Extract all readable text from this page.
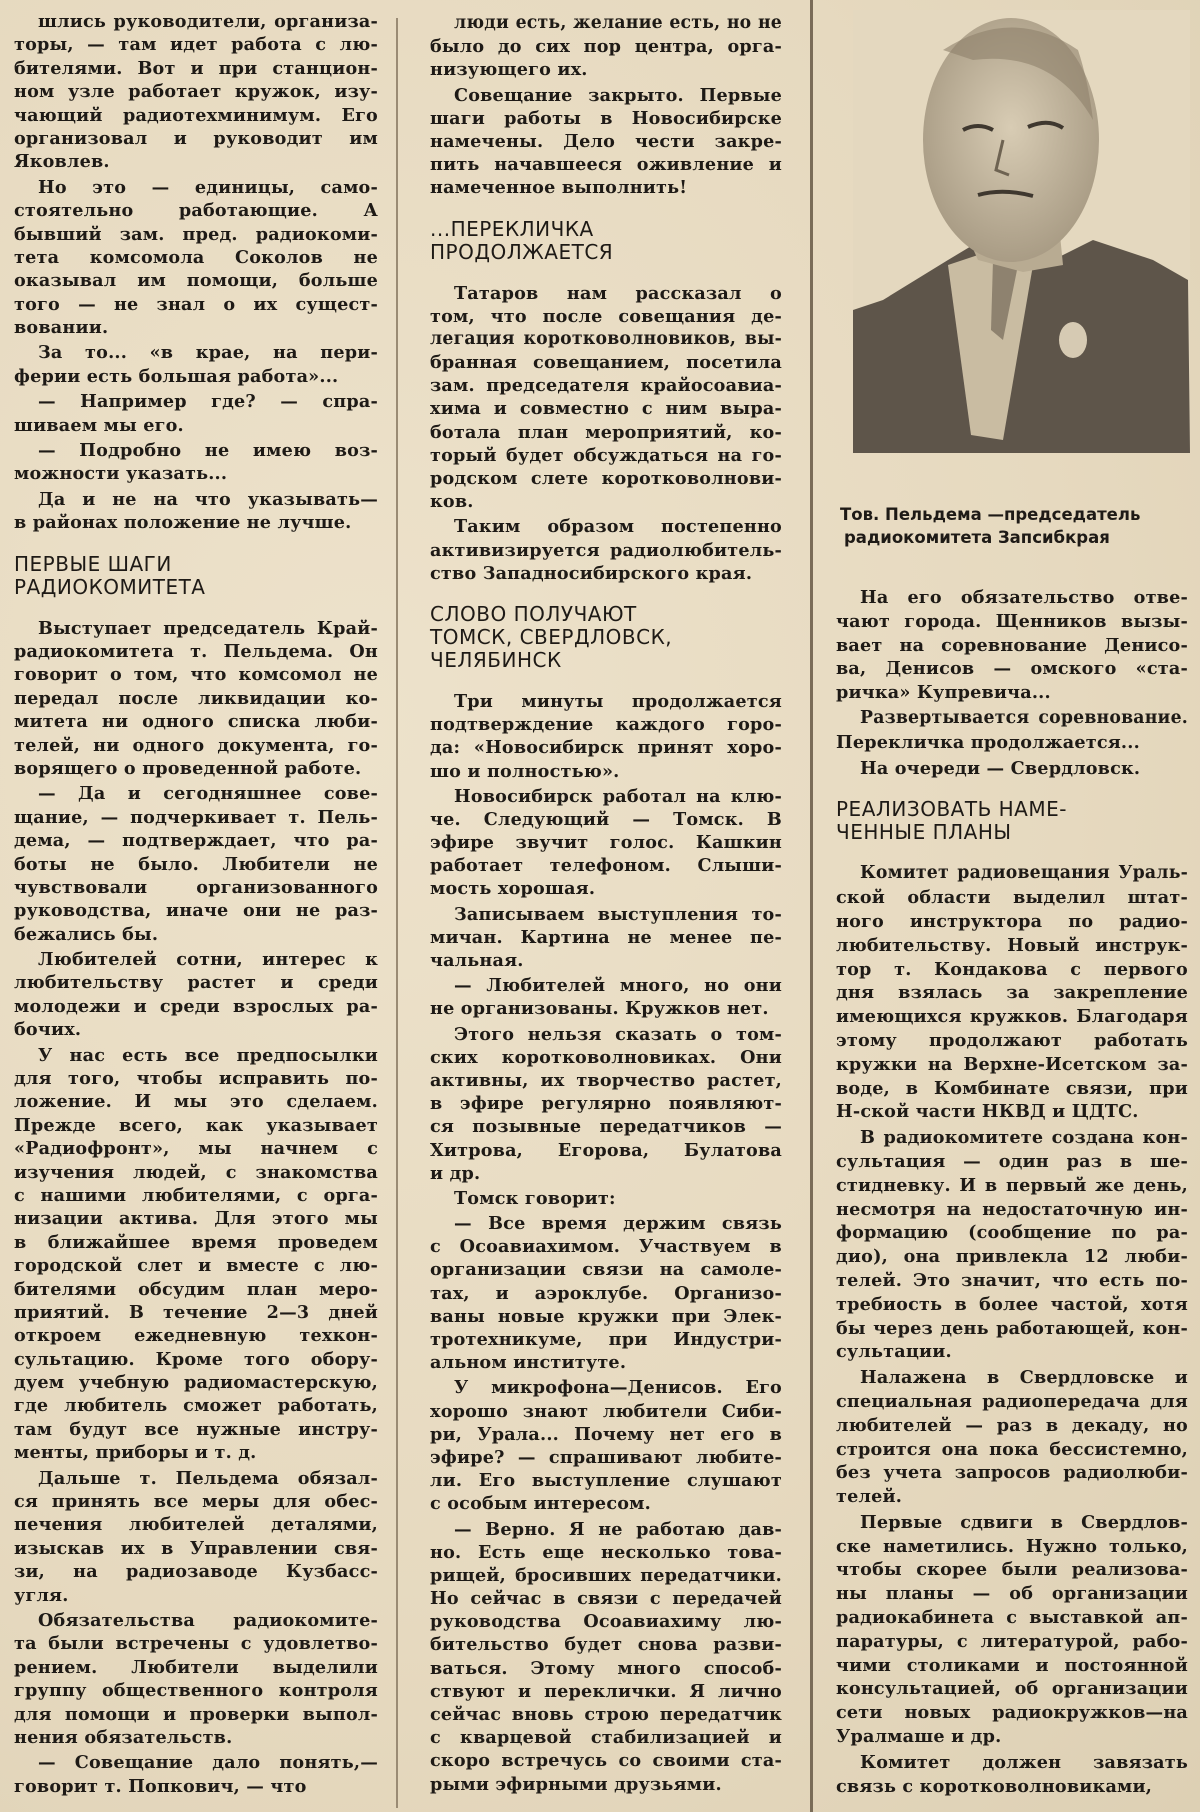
шлись руководители, организа-
торы, — там идет работа с лю-
бителями. Вот и при станцион-
ном узле работает кружок, изу-
чающий радиотехминимум. Его
организовал и руководит им
Яковлев.
Но это — единицы, само-
стоятельно работающие. А
бывший зам. пред. радиокоми-
тета комсомола Соколов не
оказывал им помощи, больше
того — не знал о их сущест-
вовании.
За то... «в крае, на пери-
ферии есть большая работа»...
— Например где? — спра-
шиваем мы его.
— Подробно не имею воз-
можности указать...
Да и не на что указывать—
в районах положение не лучше.
ПЕРВЫЕ ШАГИ
РАДИОКОМИТЕТА
Выступает председатель Край-
радиокомитета т. Пельдема. Он
говорит о том, что комсомол не
передал после ликвидации ко-
митета ни одного списка люби-
телей, ни одного документа, го-
ворящего о проведенной работе.
— Да и сегодняшнее сове-
щание, — подчеркивает т. Пель-
дема, — подтверждает, что ра-
боты не было. Любители не
чувствовали организованного
руководства, иначе они не раз-
бежались бы.
Любителей сотни, интерес к
любительству растет и среди
молодежи и среди взрослых ра-
бочих.
У нас есть все предпосылки
для того, чтобы исправить по-
ложение. И мы это сделаем.
Прежде всего, как указывает
«Радиофронт», мы начнем с
изучения людей, с знакомства
с нашими любителями, с орга-
низации актива. Для этого мы
в ближайшее время проведем
городской слет и вместе с лю-
бителями обсудим план меро-
приятий. В течение 2—3 дней
откроем ежедневную техкон-
сультацию. Кроме того обору-
дуем учебную радиомастерскую,
где любитель сможет работать,
там будут все нужные инстру-
менты, приборы и т. д.
Дальше т. Пельдема обязал-
ся принять все меры для обес-
печения любителей деталями,
изыскав их в Управлении свя-
зи, на радиозаводе Кузбасс-
угля.
Обязательства радиокомите-
та были встречены с удовлетво-
рением. Любители выделили
группу общественного контроля
для помощи и проверки выпол-
нения обязательств.
— Совещание дало понять,—
говорит т. Попкович, — что
люди есть, желание есть, но не
было до сих пор центра, орга-
низующего их.
Совещание закрыто. Первые
шаги работы в Новосибирске
намечены. Дело чести закре-
пить начавшееся оживление и
намеченное выполнить!
...ПЕРЕКЛИЧКА
ПРОДОЛЖАЕТСЯ
Татаров нам рассказал о
том, что после совещания де-
легация коротковолновиков, вы-
бранная совещанием, посетила
зам. председателя крайосоавиа-
хима и совместно с ним выра-
ботала план мероприятий, ко-
торый будет обсуждаться на го-
родском слете коротковолнови-
ков.
Таким образом постепенно
активизируется радиолюбитель-
ство Западносибирского края.
СЛОВО ПОЛУЧАЮТ
ТОМСК, СВЕРДЛОВСК,
ЧЕЛЯБИНСК
Три минуты продолжается
подтверждение каждого горо-
да: «Новосибирск принят хоро-
шо и полностью».
Новосибирск работал на клю-
че. Следующий — Томск. В
эфире звучит голос. Кашкин
работает телефоном. Слыши-
мость хорошая.
Записываем выступления то-
мичан. Картина не менее пе-
чальная.
— Любителей много, но они
не организованы. Кружков нет.
Этого нельзя сказать о том-
ских коротковолновиках. Они
активны, их творчество растет,
в эфире регулярно появляют-
ся позывные передатчиков —
Хитрова, Егорова, Булатова
и др.
Томск говорит:
— Все время держим связь
с Осоавиахимом. Участвуем в
организации связи на самоле-
тах, и аэроклубе. Организо-
ваны новые кружки при Элек-
тротехникуме, при Индустри-
альном институте.
У микрофона—Денисов. Его
хорошо знают любители Сиби-
ри, Урала... Почему нет его в
эфире? — спрашивают любите-
ли. Его выступление слушают
с особым интересом.
— Верно. Я не работаю дав-
но. Есть еще несколько това-
рищей, бросивших передатчики.
Но сейчас в связи с передачей
руководства Осоавиахиму лю-
бительство будет снова разви-
ваться. Этому много способ-
ствуют и переклички. Я лично
сейчас вновь строю передатчик
с кварцевой стабилизацией и
скоро встречусь со своими ста-
рыми эфирными друзьями.
Тов. Пельдема —председатель
радиокомитета Запсибкрая
На его обязательство отве-
чают города. Щенников вызы-
вает на соревнование Денисо-
ва, Денисов — омского «ста-
ричка» Купревича...
Развертывается соревнование.
Перекличка продолжается...
На очереди — Свердловск.
РЕАЛИЗОВАТЬ НАМЕ-
ЧЕННЫЕ ПЛАНЫ
Комитет радиовещания Ураль-
ской области выделил штат-
ного инструктора по радио-
любительству. Новый инструк-
тор т. Кондакова с первого
дня взялась за закрепление
имеющихся кружков. Благодаря
этому продолжают работать
кружки на Верхне-Исетском за-
воде, в Комбинате связи, при
Н-ской части НКВД и ЦДТС.
В радиокомитете создана кон-
сультация — один раз в ше-
стидневку. И в первый же день,
несмотря на недостаточную ин-
формацию (сообщение по ра-
дио), она привлекла 12 люби-
телей. Это значит, что есть по-
требиость в более частой, хотя
бы через день работающей, кон-
сультации.
Налажена в Свердловске и
специальная радиопередача для
любителей — раз в декаду, но
строится она пока бессистемно,
без учета запросов радиолюби-
телей.
Первые сдвиги в Свердлов-
ске наметились. Нужно только,
чтобы скорее были реализова-
ны планы — об организации
радиокабинета с выставкой ап-
паратуры, с литературой, рабо-
чими столиками и постоянной
консультацией, об организации
сети новых радиокружков—на
Уралмаше и др.
Комитет должен завязать
связь с коротковолновиками,
